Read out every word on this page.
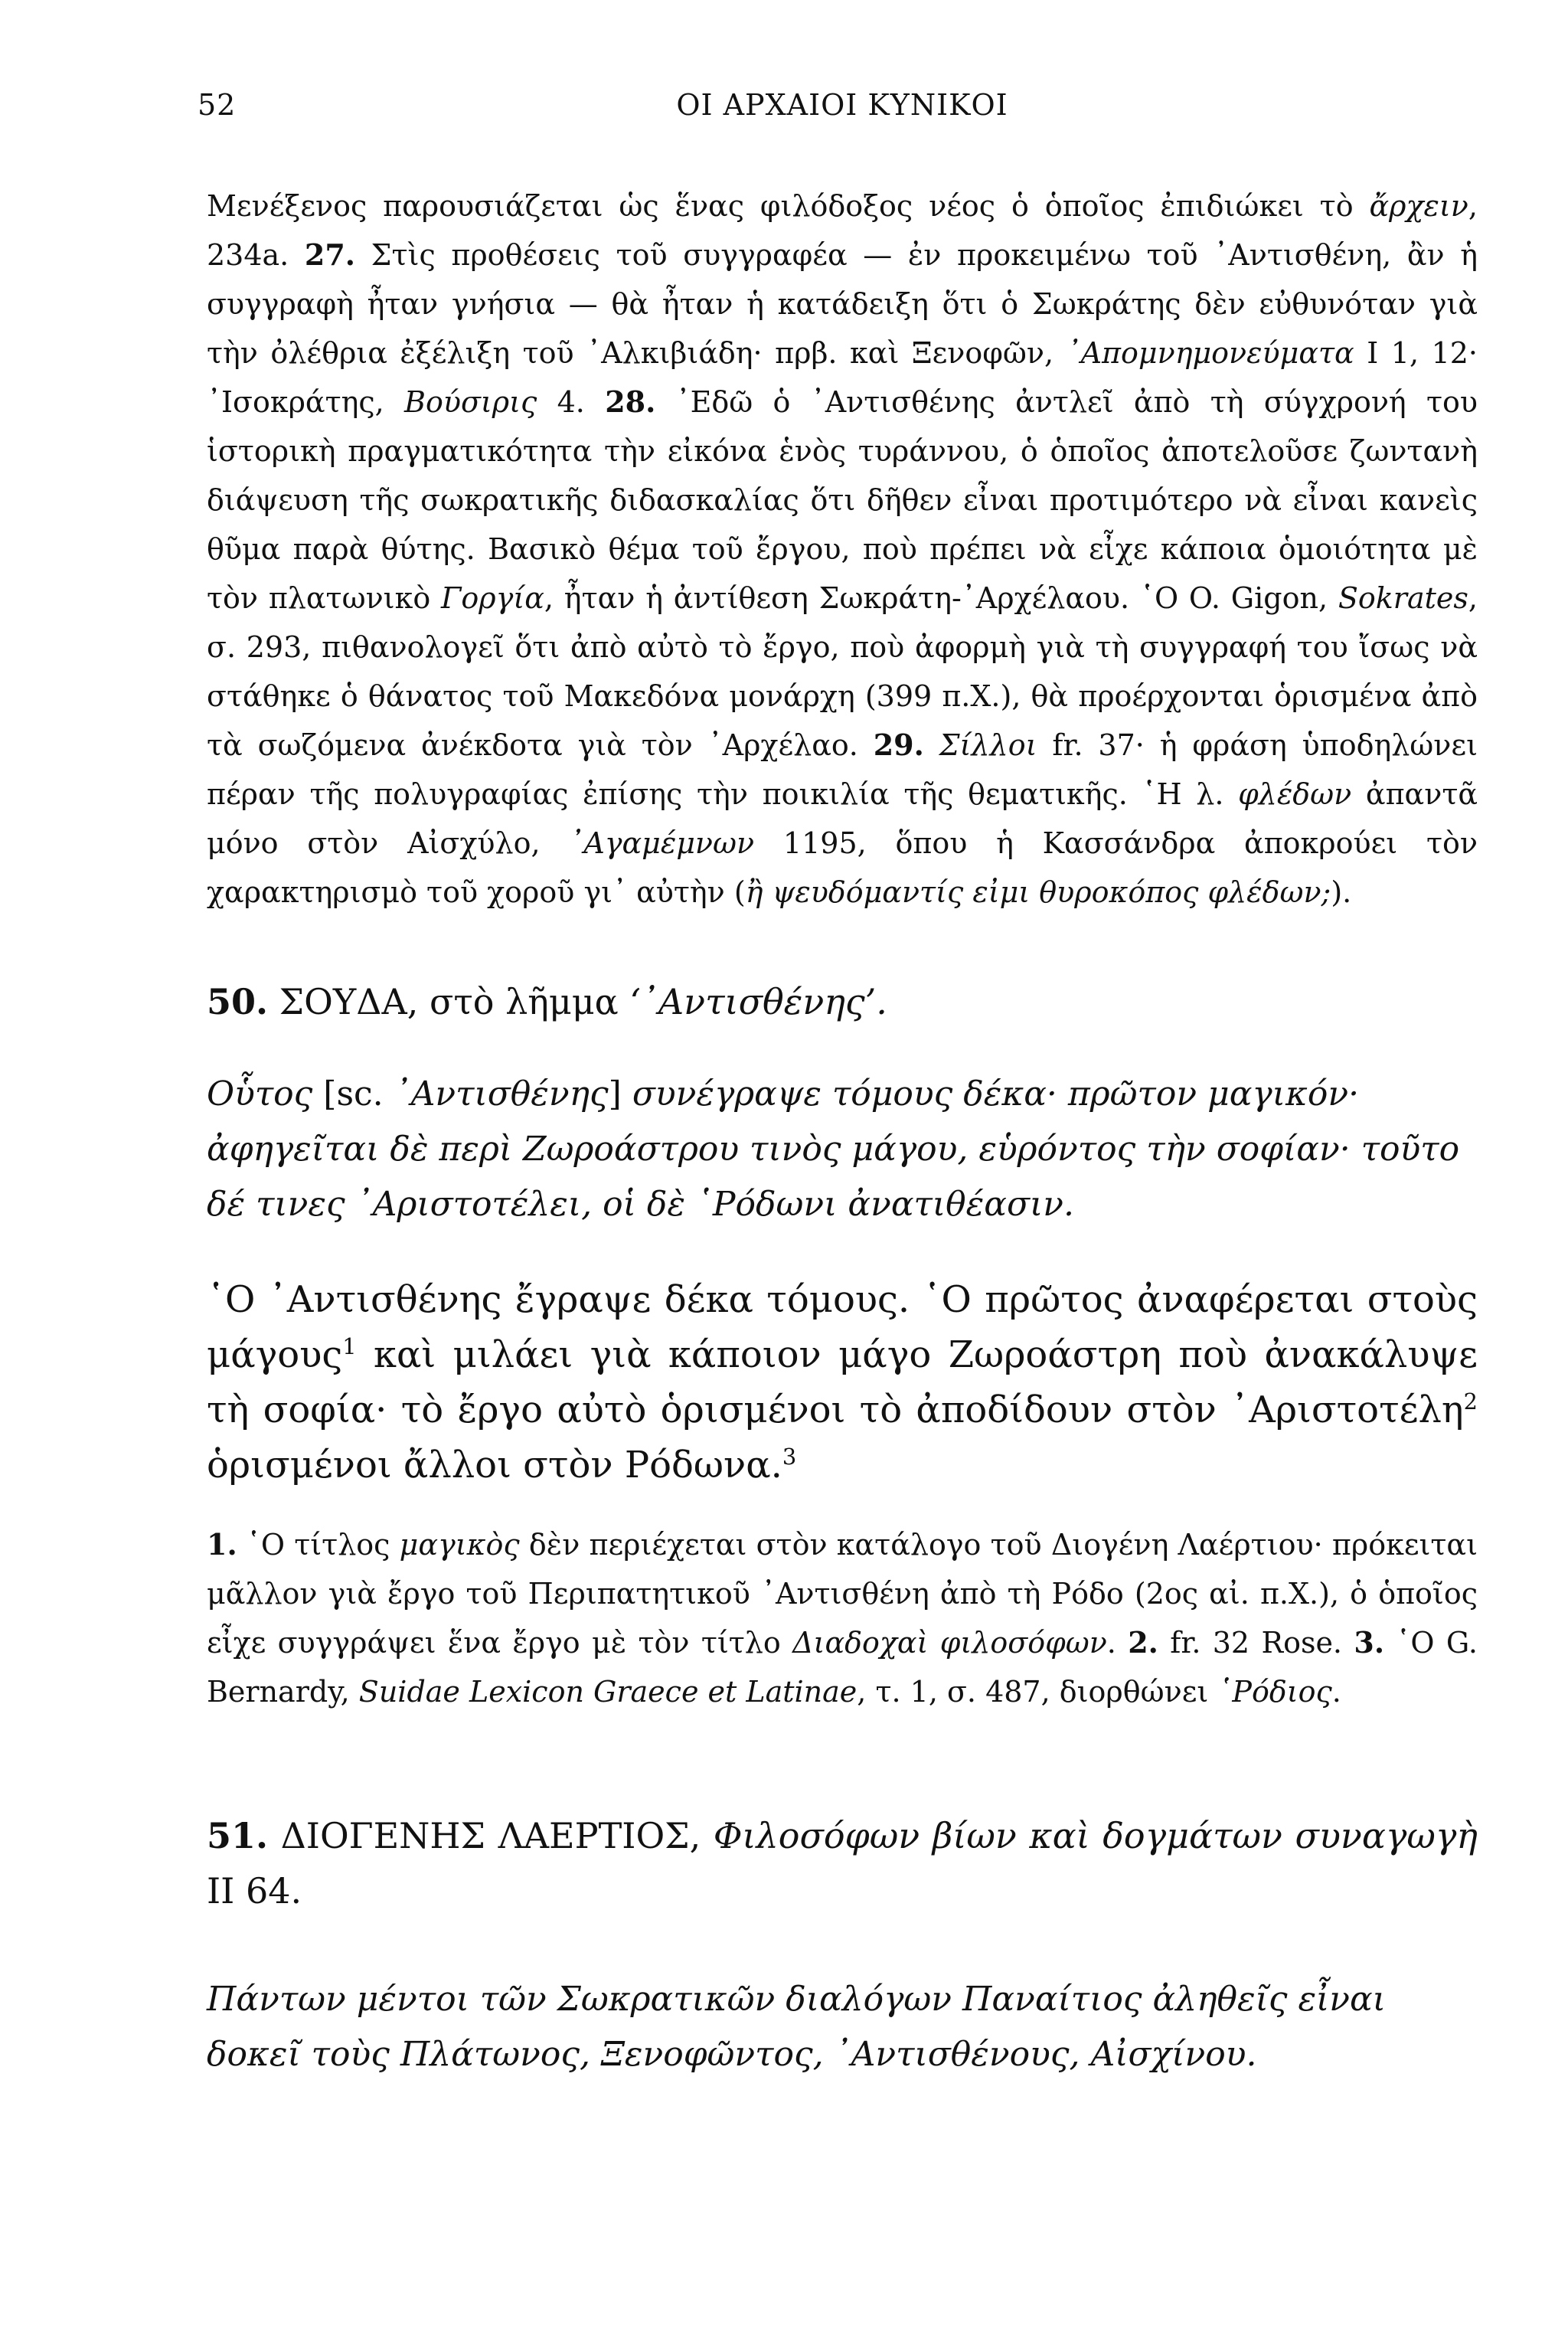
52	ΟΙ ΑΡΧΑΙΟΙ ΚΥΝΙΚΟΙ

Μενέξενος παρουσιάζεται ὡς ἕνας φιλόδοξος νέος ὁ ὁποῖος ἐπιδιώκει τὸ ἄρχειν, 234a. 27. Στὶς προθέσεις τοῦ συγγραφέα — ἐν προκειμένω τοῦ ᾿Αντισθένη, ἂν ἡ συγγραφὴ ἦταν γνήσια — θὰ ἦταν ἡ κατάδειξη ὅτι ὁ Σωκράτης δὲν εὐθυνόταν γιὰ τὴν ὀλέθρια ἐξέλιξη τοῦ ᾿Αλκιβιάδη· πρβ. καὶ Ξενοφῶν, ᾿Απομνημονεύματα Ι 1, 12· ᾿Ισοκράτης, Βούσιρις 4. 28. ᾿Εδῶ ὁ ᾿Αντισθένης ἀντλεῖ ἀπὸ τὴ σύγχρονή του ἱστορικὴ πραγματικότητα τὴν εἰκόνα ἑνὸς τυράννου, ὁ ὁποῖος ἀποτελοῦσε ζωντανὴ διάψευση τῆς σωκρατικῆς διδασκαλίας ὅτι δῆθεν εἶναι προτιμότερο νὰ εἶναι κανεὶς θῦμα παρὰ θύτης. Βασικὸ θέμα τοῦ ἔργου, ποὺ πρέπει νὰ εἶχε κάποια ὁμοιότητα μὲ τὸν πλατωνικὸ Γοργία, ἦταν ἡ ἀντίθεση Σωκράτη-᾿Αρχέλαου. ῾Ο O. Gigon, Sokrates, σ. 293, πιθανολογεῖ ὅτι ἀπὸ αὐτὸ τὸ ἔργο, ποὺ ἀφορμὴ γιὰ τὴ συγγραφή του ἴσως νὰ στάθηκε ὁ θάνατος τοῦ Μακεδόνα μονάρχη (399 π.Χ.), θὰ προέρχονται ὁρισμένα ἀπὸ τὰ σωζόμενα ἀνέκδοτα γιὰ τὸν ᾿Αρχέλαο. 29. Σίλλοι fr. 37· ἡ φράση ὑποδηλώνει πέραν τῆς πολυγραφίας ἐπίσης τὴν ποικιλία τῆς θεματικῆς. ῾Η λ. φλέδων ἀπαντᾶ μόνο στὸν Αἰσχύλο, ᾿Αγαμέμνων 1195, ὅπου ἡ Κασσάνδρα ἀποκρούει τὸν χαρακτηρισμὸ τοῦ χοροῦ γι᾿ αὐτὴν (ἢ ψευδόμαντίς εἰμι θυροκόπος φλέδων;).

50. ΣΟΥΔΑ, στὸ λῆμμα ‘᾿Αντισθένης’.

Οὗτος [sc. ᾿Αντισθένης] συνέγραψε τόμους δέκα· πρῶτον μαγικόν· ἀφηγεῖται δὲ περὶ Ζωροάστρου τινὸς μάγου, εὑρόντος τὴν σοφίαν· τοῦτο δέ τινες ᾿Αριστοτέλει, οἱ δὲ ῾Ρόδωνι ἀνατιθέασιν.

῾Ο ᾿Αντισθένης ἔγραψε δέκα τόμους. ῾Ο πρῶτος ἀναφέρεται στοὺς μάγους$^1$ καὶ μιλάει γιὰ κάποιον μάγο Ζωροάστρη ποὺ ἀνακάλυψε τὴ σοφία· τὸ ἔργο αὐτὸ ὁρισμένοι τὸ ἀποδίδουν στὸν ᾿Αριστοτέλη$^2$ ὁρισμένοι ἄλλοι στὸν Ρόδωνα.$^3$

1. ῾Ο τίτλος μαγικὸς δὲν περιέχεται στὸν κατάλογο τοῦ Διογένη Λαέρτιου· πρόκειται μᾶλλον γιὰ ἔργο τοῦ Περιπατητικοῦ ᾿Αντισθένη ἀπὸ τὴ Ρόδο (2ος αἰ. π.Χ.), ὁ ὁποῖος εἶχε συγγράψει ἕνα ἔργο μὲ τὸν τίτλο Διαδοχαὶ φιλοσόφων. 2. fr. 32 Rose. 3. ῾Ο G. Bernardy, Suidae Lexicon Graece et Latinae, τ. 1, σ. 487, διορθώνει ῾Ρόδιος.

51. ΔΙΟΓΕΝΗΣ ΛΑΕΡΤΙΟΣ, Φιλοσόφων βίων καὶ δογμάτων συναγωγὴ ΙΙ 64.

Πάντων μέντοι τῶν Σωκρατικῶν διαλόγων Παναίτιος ἀληθεῖς εἶναι δοκεῖ τοὺς Πλάτωνος, Ξενοφῶντος, ᾿Αντισθένους, Αἰσχίνου.
